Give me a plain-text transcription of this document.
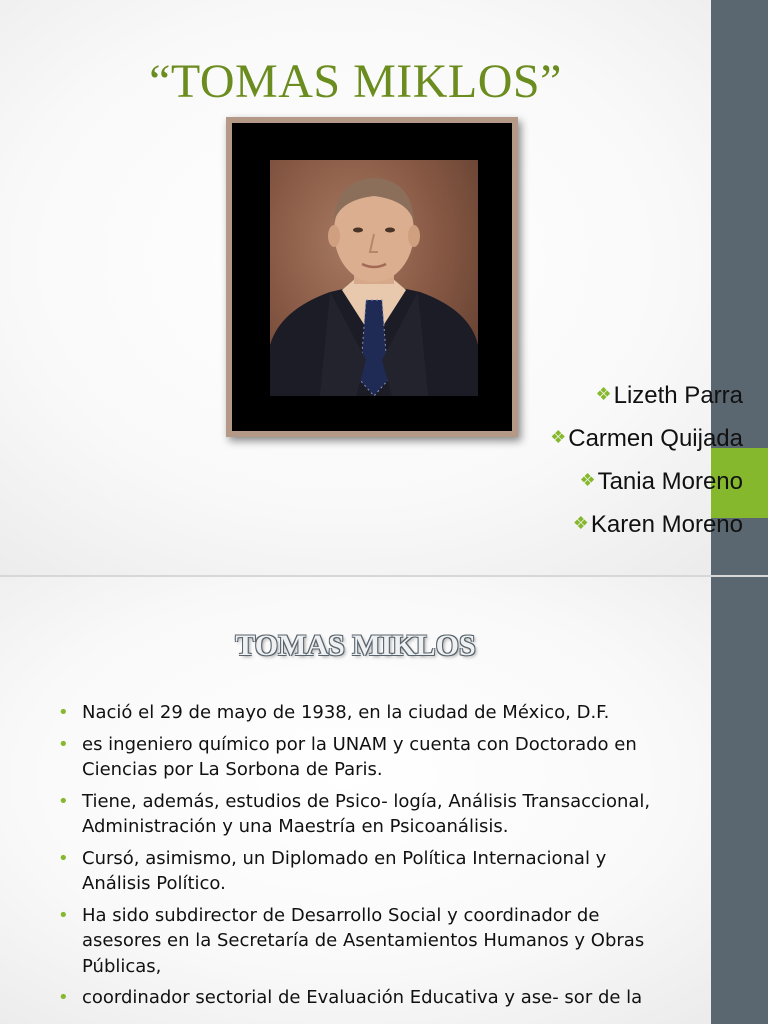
“TOMAS MIKLOS”
❖Lizeth Parra
❖Carmen Quijada
❖Tania Moreno
❖Karen Moreno
TOMAS MIKLOS
• Nació el 29 de mayo de 1938, en la ciudad de México, D.F.
• es ingeniero químico por la UNAM y cuenta con Doctorado en Ciencias por La Sorbona de Paris.
• Tiene, además, estudios de Psico- logía, Análisis Transaccional, Administración y una Maestría en Psicoanálisis.
• Cursó, asimismo, un Diplomado en Política Internacional y Análisis Político.
• Ha sido subdirector de Desarrollo Social y coordinador de asesores en la Secretaría de Asentamientos Humanos y Obras Públicas,
• coordinador sectorial de Evaluación Educativa y ase- sor de la
